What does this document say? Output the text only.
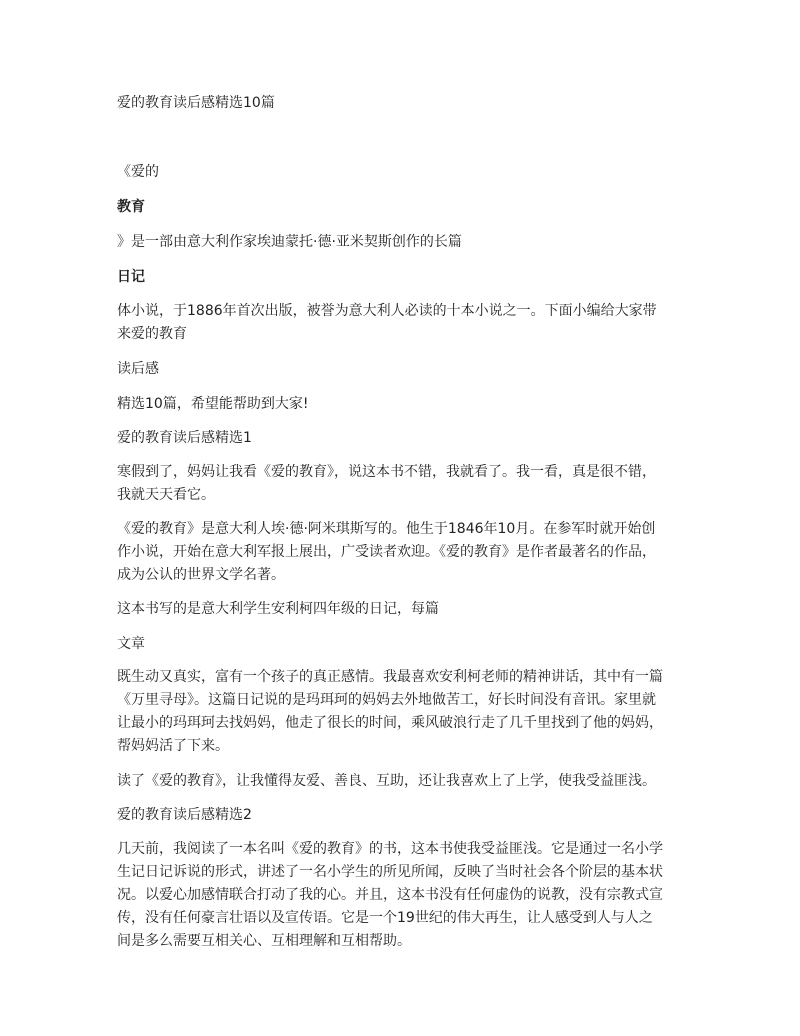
爱的教育读后感精选10篇

《爱的

教育

》是一部由意大利作家埃迪蒙托·德·亚米契斯创作的长篇

日记

体小说，于1886年首次出版，被誉为意大利人必读的十本小说之一。下面小编给大家带
来爱的教育

读后感

精选10篇，希望能帮助到大家!

爱的教育读后感精选1

寒假到了，妈妈让我看《爱的教育》，说这本书不错，我就看了。我一看，真是很不错，
我就天天看它。

《爱的教育》是意大利人埃·德·阿米琪斯写的。他生于1846年10月。在参军时就开始创
作小说，开始在意大利军报上展出，广受读者欢迎。《爱的教育》是作者最著名的作品，
成为公认的世界文学名著。

这本书写的是意大利学生安利柯四年级的日记，每篇

文章

既生动又真实，富有一个孩子的真正感情。我最喜欢安利柯老师的精神讲话，其中有一篇
《万里寻母》。这篇日记说的是玛珥珂的妈妈去外地做苦工，好长时间没有音讯。家里就
让最小的玛珥珂去找妈妈，他走了很长的时间，乘风破浪行走了几千里找到了他的妈妈，
帮妈妈活了下来。

读了《爱的教育》，让我懂得友爱、善良、互助，还让我喜欢上了上学，使我受益匪浅。

爱的教育读后感精选2

几天前，我阅读了一本名叫《爱的教育》的书，这本书使我受益匪浅。它是通过一名小学
生记日记诉说的形式，讲述了一名小学生的所见所闻，反映了当时社会各个阶层的基本状
况。以爱心加感情联合打动了我的心。并且，这本书没有任何虚伪的说教，没有宗教式宣
传，没有任何豪言壮语以及宣传语。它是一个19世纪的伟大再生，让人感受到人与人之
间是多么需要互相关心、互相理解和互相帮助。
